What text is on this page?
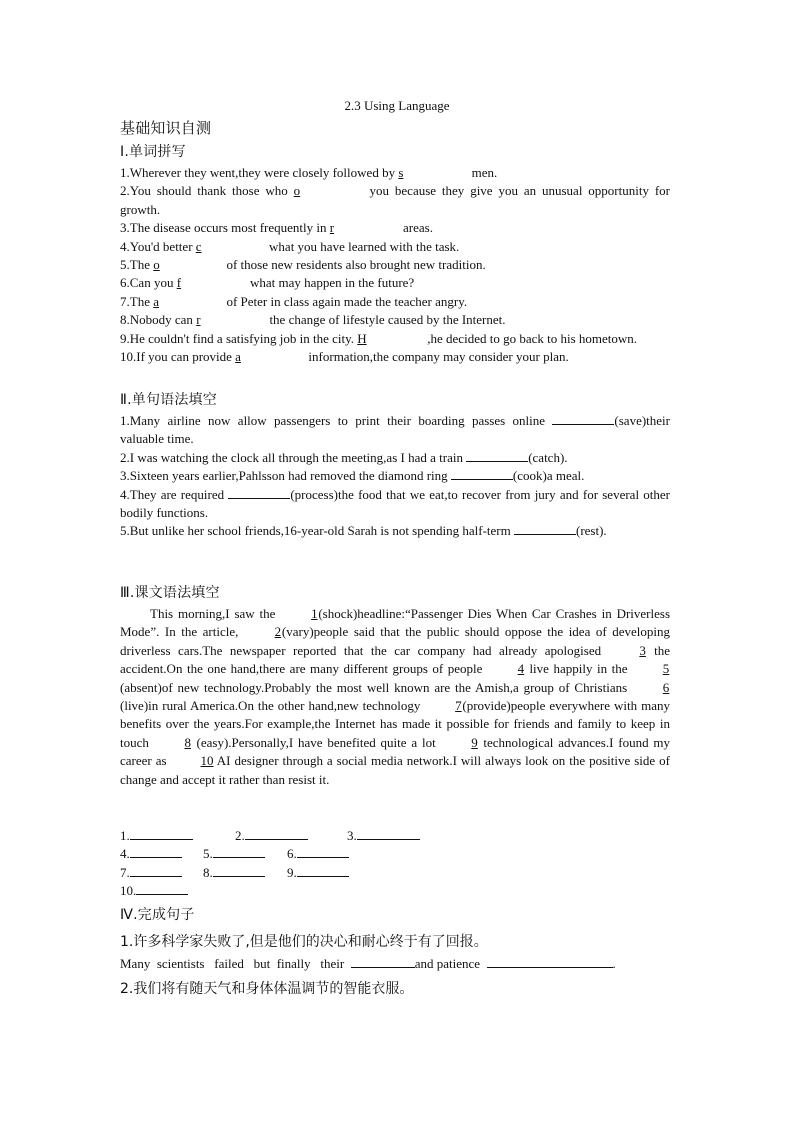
2.3 Using Language
基础知识自测
Ⅰ.单词拼写

1.Wherever they went,they were closely followed by s	men.

2.You should thank those who o	you because they give you an unusual opportunity for growth.

3.The disease occurs most frequently in r	areas.

4.You'd better c	what you have learned with the task.

5.The o	of those new residents also brought new tradition.

6.Can you f	what may happen in the future?

7.The a	of Peter in class again made the teacher angry.

8.Nobody can r	the change of lifestyle caused by the Internet.

9.He couldn't find a satisfying job in the city. H	,he decided to go back to his hometown.

10.If you can provide a	information,the company may consider your plan.

Ⅱ.单句语法填空

1.Many airline now allow passengers to print their boarding passes online	(save)their valuable time.

2.I was watching the clock all through the meeting,as I had a train	(catch).

3.Sixteen years earlier,Pahlsson had removed the diamond ring	(cook)a meal.

4.They are required	(process)the food that we eat,to recover from jury and for several other bodily functions.

5.But unlike her school friends,16-year-old Sarah is not spending half-term	(rest).

Ⅲ.课文语法填空

This morning,I saw the 1(shock)headline:“Passenger Dies When Car Crashes in Driverless Mode”. In the article, 2(vary)people said that the public should oppose the idea of developing driverless cars.The newspaper reported that the car company had already apologised 3 the accident.On the one hand,there are many different groups of people 4 live happily in the 5(absent)of new technology.Probably the most well known are the Amish,a group of Christians 6(live)in rural America.On the other hand,new technology 7(provide)people everywhere with many benefits over the years.For example,the Internet has made it possible for friends and family to keep in touch 8 (easy).Personally,I have benefited quite a lot 9 technological advances.I found my career as 10 AI designer through a social media network.I will always look on the positive side of change and accept it rather than resist it.

1.	2.	3.
4.	5.	6.
7.	8.	9.
10.
Ⅳ.完成句子
1.许多科学家失败了,但是他们的决心和耐心终于有了回报。
Many  scientists   failed   but  finally   their	and patience	.
2.我们将有随天气和身体体温调节的智能衣服。
